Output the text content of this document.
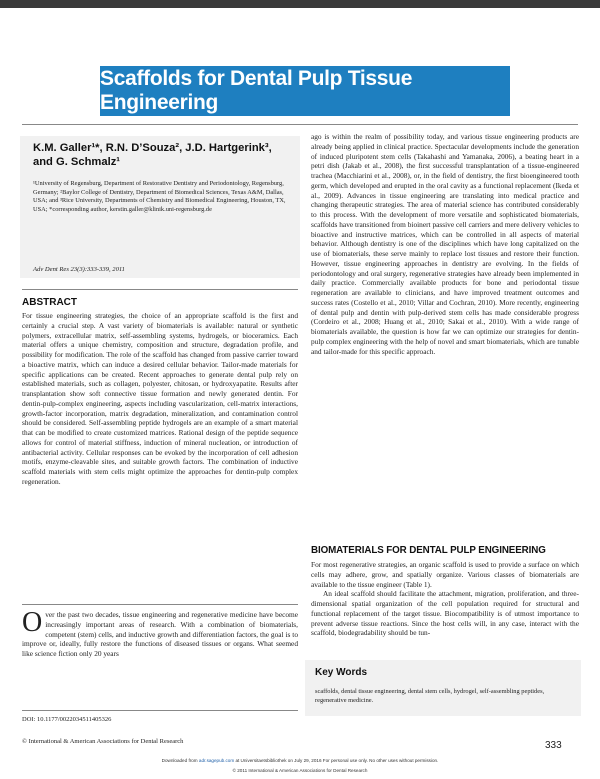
Scaffolds for Dental Pulp Tissue Engineering
K.M. Galler¹*, R.N. D’Souza², J.D. Hartgerink³,
and G. Schmalz¹
¹University of Regensburg, Department of Restorative Dentistry and Periodontology, Regensburg, Germany; ²Baylor College of Dentistry, Department of Biomedical Sciences, Texas A&M, Dallas, USA; and ³Rice University, Departments of Chemistry and Biomedical Engineering, Houston, TX, USA; *corresponding author, kerstin.galler@klinik.uni-regensburg.de
Adv Dent Res 23(3):333-339, 2011
ABSTRACT
For tissue engineering strategies, the choice of an appropriate scaffold is the first and certainly a crucial step. A vast variety of biomaterials is available: natural or synthetic polymers, extracellular matrix, self-assembling systems, hydrogels, or bioceramics. Each material offers a unique chemistry, composition and structure, degradation profile, and possibility for modification. The role of the scaffold has changed from passive carrier toward a bioactive matrix, which can induce a desired cellular behavior. Tailor-made materials for specific applications can be created. Recent approaches to generate dental pulp rely on established materials, such as collagen, polyester, chitosan, or hydroxyapatite. Results after transplantation show soft connective tissue formation and newly generated dentin. For dentin-pulp-complex engineering, aspects including vascularization, cell-matrix interactions, growth-factor incorporation, matrix degradation, mineralization, and contamination control should be considered. Self-assembling peptide hydrogels are an example of a smart material that can be modified to create customized matrices. Rational design of the peptide sequence allows for control of material stiffness, induction of mineral nucleation, or introduction of antibacterial activity. Cellular responses can be evoked by the incorporation of cell adhesion motifs, enzyme-cleavable sites, and suitable growth factors. The combination of inductive scaffold materials with stem cells might optimize the approaches for dentin-pulp complex regeneration.
Over the past two decades, tissue engineering and regenerative medicine have become increasingly important areas of research. With a combination of biomaterials, competent (stem) cells, and inductive growth and differentiation factors, the goal is to improve or, ideally, fully restore the functions of diseased tissues or organs. What seemed like science fiction only 20 years
DOI: 10.1177/0022034511405326
© International & American Associations for Dental Research

ago is within the realm of possibility today, and various tissue engineering products are already being applied in clinical practice. Spectacular developments include the generation of induced pluripotent stem cells (Takahashi and Yamanaka, 2006), a beating heart in a petri dish (Jakab et al., 2008), the first successful transplantation of a tissue-engineered trachea (Macchiarini et al., 2008), or, in the field of dentistry, the first bioengineered tooth germ, which developed and erupted in the oral cavity as a functional replacement (Ikeda et al., 2009). Advances in tissue engineering are translating into medical practice and changing therapeutic strategies. The area of material science has contributed considerably to this process. With the development of more versatile and sophisticated biomaterials, scaffolds have transitioned from bioinert passive cell carriers and mere delivery vehicles to bioactive and instructive matrices, which can be controlled in all aspects of material behavior. Although dentistry is one of the disciplines which have long capitalized on the use of biomaterials, these serve mainly to replace lost tissues and restore their function. However, tissue engineering approaches in dentistry are evolving. In the fields of periodontology and oral surgery, regenerative strategies have already been implemented in daily practice. Commercially available products for bone and periodontal tissue regeneration are available to clinicians, and have improved treatment outcomes and success rates (Costello et al., 2010; Villar and Cochran, 2010). More recently, engineering of dental pulp and dentin with pulp-derived stem cells has made considerable progress (Cordeiro et al., 2008; Huang et al., 2010; Sakai et al., 2010). With a wide range of biomaterials available, the question is how far we can optimize our strategies for dentin-pulp complex engineering with the help of novel and smart biomaterials, which are tunable and tailor-made for this specific approach.

BIOMATERIALS FOR DENTAL PULP ENGINEERING

For most regenerative strategies, an organic scaffold is used to provide a surface on which cells may adhere, grow, and spatially organize. Various classes of biomaterials are available to the tissue engineer (Table 1).

An ideal scaffold should facilitate the attachment, migration, proliferation, and three-dimensional spatial organization of the cell population required for structural and functional replacement of the target tissue. Biocompatibility is of utmost importance to prevent adverse tissue reactions. Since the host cells will, in any case, interact with the scaffold, biodegradability should be tun-

Key Words
scaffolds, dental tissue engineering, dental stem cells, hydrogel, self-assembling peptides, regenerative medicine.
333
Downloaded from adr.sagepub.com at Universitaetsbibliothek on July 29, 2016 For personal use only. No other uses without permission.
© 2011 International & American Associations for Dental Research
